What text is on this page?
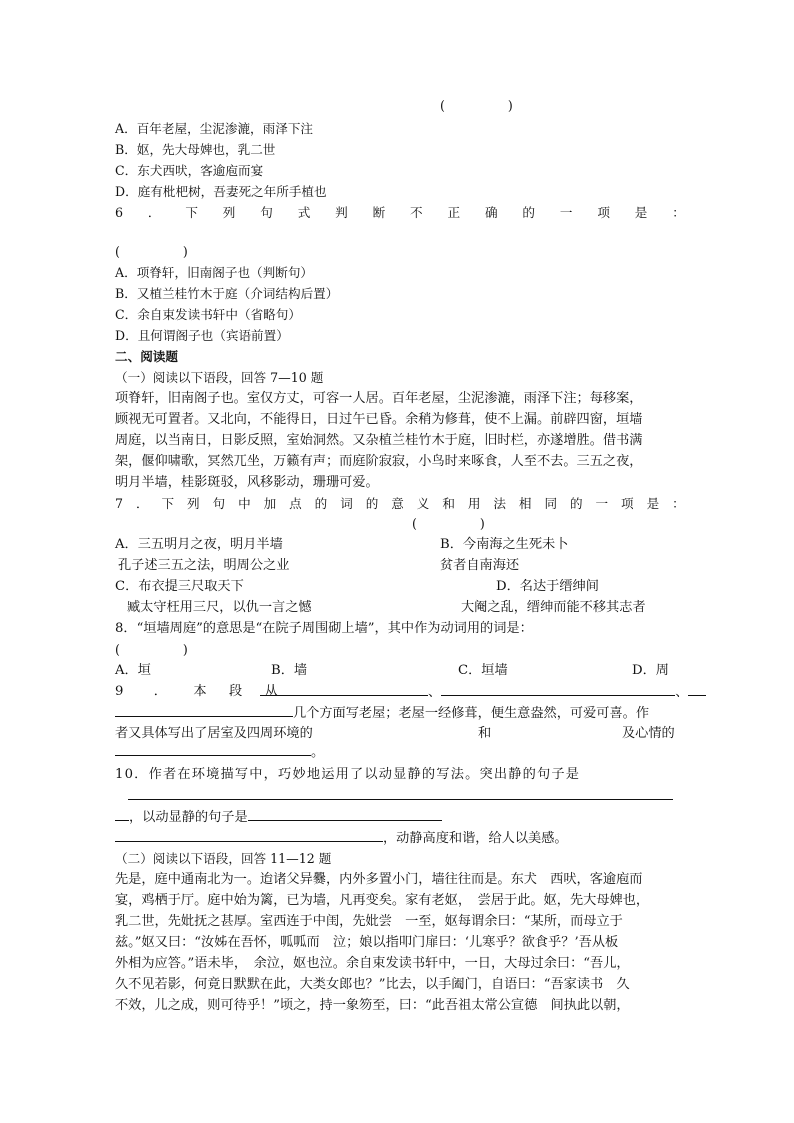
(　　　　　)
A．百年老屋，尘泥渗漉，雨泽下注
B．妪，先大母婢也，乳二世
C．东犬西吠，客逾庖而宴
D．庭有枇杷树，吾妻死之年所手植也
6 ． 下 列 句 式 判 断 不 正 确 的 一 项 是 ：
(　　　　　)
A．项脊轩，旧南阁子也（判断句）
B．又植兰桂竹木于庭（介词结构后置）
C．余自束发读书轩中（省略句）
D．且何谓阁子也（宾语前置）
二、阅读题
（一）阅读以下语段，回答 7—10 题
项脊轩，旧南阁子也。室仅方丈，可容一人居。百年老屋，尘泥渗漉，雨泽下注；每移案，
顾视无可置者。又北向，不能得日，日过午已昏。余稍为修葺，使不上漏。前辟四窗，垣墙
周庭，以当南日，日影反照，室始洞然。又杂植兰桂竹木于庭，旧时栏，亦遂增胜。借书满
架，偃仰啸歌，冥然兀坐，万籁有声；而庭阶寂寂，小鸟时来啄食，人至不去。三五之夜，
明月半墙，桂影斑驳，风移影动，珊珊可爱。
7 ． 下 列 句 中 加 点 的 词 的 意 义 和 用 法 相 同 的 一 项 是 ：
(　　　　　)
A．三五明月之夜，明月半墙	B．今南海之生死未卜
孔子述三五之法，明周公之业	贫者自南海还
C．布衣提三尺取天下	D．名达于缙绅间
臧太守枉用三尺，以仇一言之憾	大阉之乱，缙绅而能不移其志者
8．“垣墙周庭”的意思是“在院子周围砌上墙”，其中作为动词用的词是：
(　　　　　)
A．垣	B．墙	C．垣墙	D．周
9 ． 本 段 从	、	、
几个方面写老屋；老屋一经修葺，便生意盎然，可爱可喜。作
者又具体写出了居室及四周环境的	和	及心情的
。
10．作者在环境描写中，巧妙地运用了以动显静的写法。突出静的句子是
，以动显静的句子是
，动静高度和谐，给人以美感。
（二）阅读以下语段，回答 11—12 题
先是，庭中通南北为一。迨诸父异爨，内外多置小门，墙往往而是。东犬　西吠，客逾庖而
宴，鸡栖于厅。庭中始为篱，已为墙，凡再变矣。家有老妪，　尝居于此。妪，先大母婢也，
乳二世，先妣抚之甚厚。室西连于中闺，先妣尝　一至，妪每谓余曰：“某所，而母立于
兹。”妪又曰：“汝姊在吾怀，呱呱而　泣；娘以指叩门扉曰：‘儿寒乎？欲食乎？’吾从板
外相为应答。”语未毕，　余泣，妪也泣。余自束发读书轩中，一日，大母过余曰：“吾儿，
久不见若影，何竟日默默在此，大类女郎也？”比去，以手阖门，自语曰：“吾家读书　久
不效，儿之成，则可待乎！”顷之，持一象笏至，曰：“此吾祖太常公宣德　间执此以朝，
